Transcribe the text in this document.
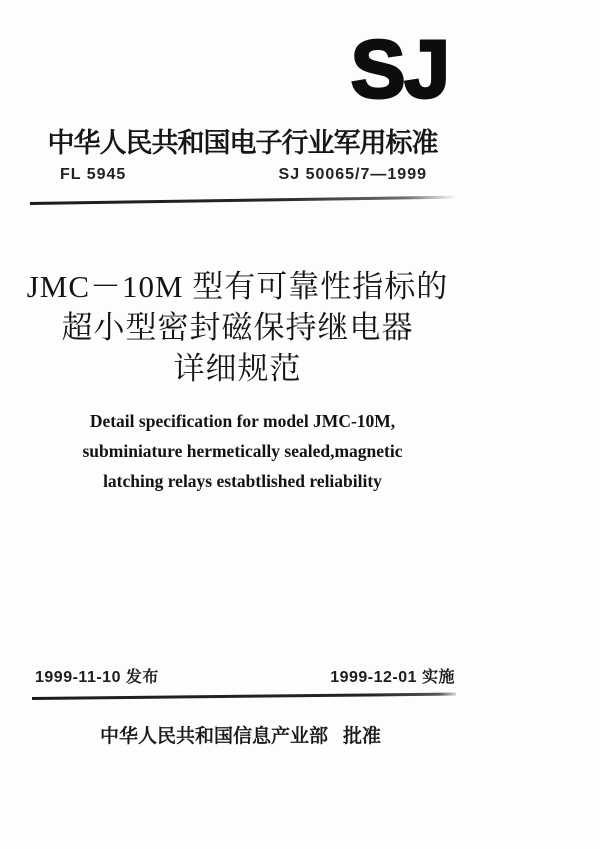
SJ
中华人民共和国电子行业军用标准
FL 5945	SJ 50065/7—1999
JMC－10M 型有可靠性指标的
超小型密封磁保持继电器
详细规范
Detail specification for model JMC-10M,
subminiature hermetically sealed,magnetic
latching relays estabtlished reliability
1999-11-10 发布	1999-12-01 实施
中华人民共和国信息产业部 批准
